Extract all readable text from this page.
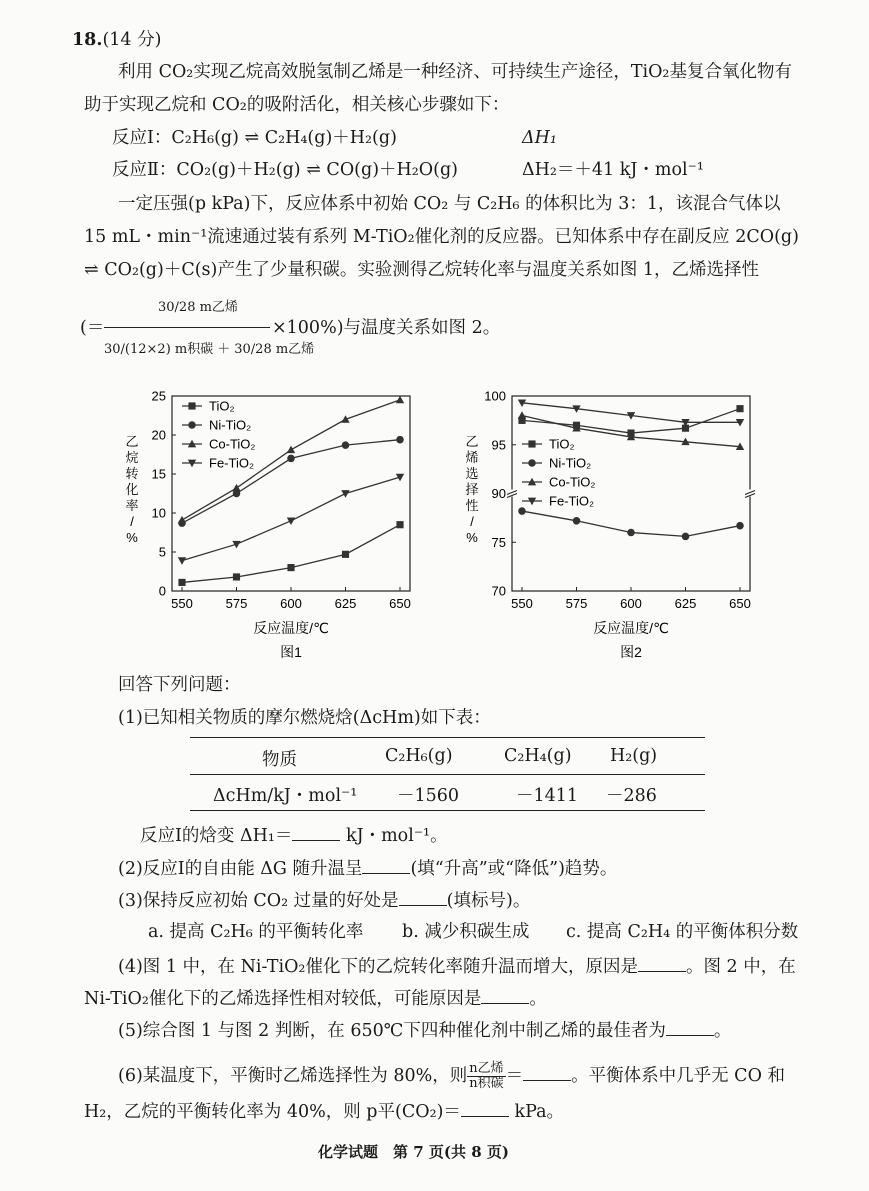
18.(14 分)
利用 CO₂实现乙烷高效脱氢制乙烯是一种经济、可持续生产途径，TiO₂基复合氧化物有
助于实现乙烷和 CO₂的吸附活化，相关核心步骤如下：
反应Ⅰ：C₂H₆(g) ⇌ C₂H₄(g)＋H₂(g)	ΔH₁
反应Ⅱ：CO₂(g)＋H₂(g) ⇌ CO(g)＋H₂O(g)	ΔH₂＝＋41 kJ・mol⁻¹
一定压强(p kPa)下，反应体系中初始 CO₂ 与 C₂H₆ 的体积比为 3：1，该混合气体以
15 mL・min⁻¹流速通过装有系列 M-TiO₂催化剂的反应器。已知体系中存在副反应 2CO(g)
⇌ CO₂(g)＋C(s)产生了少量积碳。实验测得乙烷转化率与温度关系如图 1，乙烯选择性
30/28 m乙烯
(＝
30/(12×2) m积碳 ＋ 30/28 m乙烯
×100%)与温度关系如图 2。
0
5
10
15
20
25
550	575	600	625	650
乙
烷
转
化
率
/
%
反应温度/℃
图1
TiO₂
Ni-TiO₂
Co-TiO₂
Fe-TiO₂
70
75
90
95
100
550	575	600	625	650
乙
烯
选
择
性
/
%
反应温度/℃
图2
TiO₂
Ni-TiO₂
Co-TiO₂
Fe-TiO₂
回答下列问题：
(1)已知相关物质的摩尔燃烧焓(ΔcHm)如下表：
物质	C₂H₆(g)	C₂H₄(g) H₂(g)
ΔcHm/kJ・mol⁻¹ －1560	－1411 －286
反应Ⅰ的焓变 ΔH₁＝	kJ・mol⁻¹。
(2)反应Ⅰ的自由能 ΔG 随升温呈	(填“升高”或“降低”)趋势。
(3)保持反应初始 CO₂ 过量的好处是	(填标号)。
a. 提高 C₂H₆ 的平衡转化率 b. 减少积碳生成 c. 提高 C₂H₄ 的平衡体积分数
(4)图 1 中，在 Ni-TiO₂催化下的乙烷转化率随升温而增大，原因是	。图 2 中，在
Ni-TiO₂催化下的乙烯选择性相对较低，可能原因是	。
(5)综合图 1 与图 2 判断，在 650℃下四种催化剂中制乙烯的最佳者为	。
(6)某温度下，平衡时乙烯选择性为 80%，则 $\frac{\text{n乙烯}}{\text{n积碳}}$ ＝	。平衡体系中几乎无 CO 和
H₂，乙烷的平衡转化率为 40%，则 p平(CO₂)＝	kPa。
化学试题　第 7 页(共 8 页)
